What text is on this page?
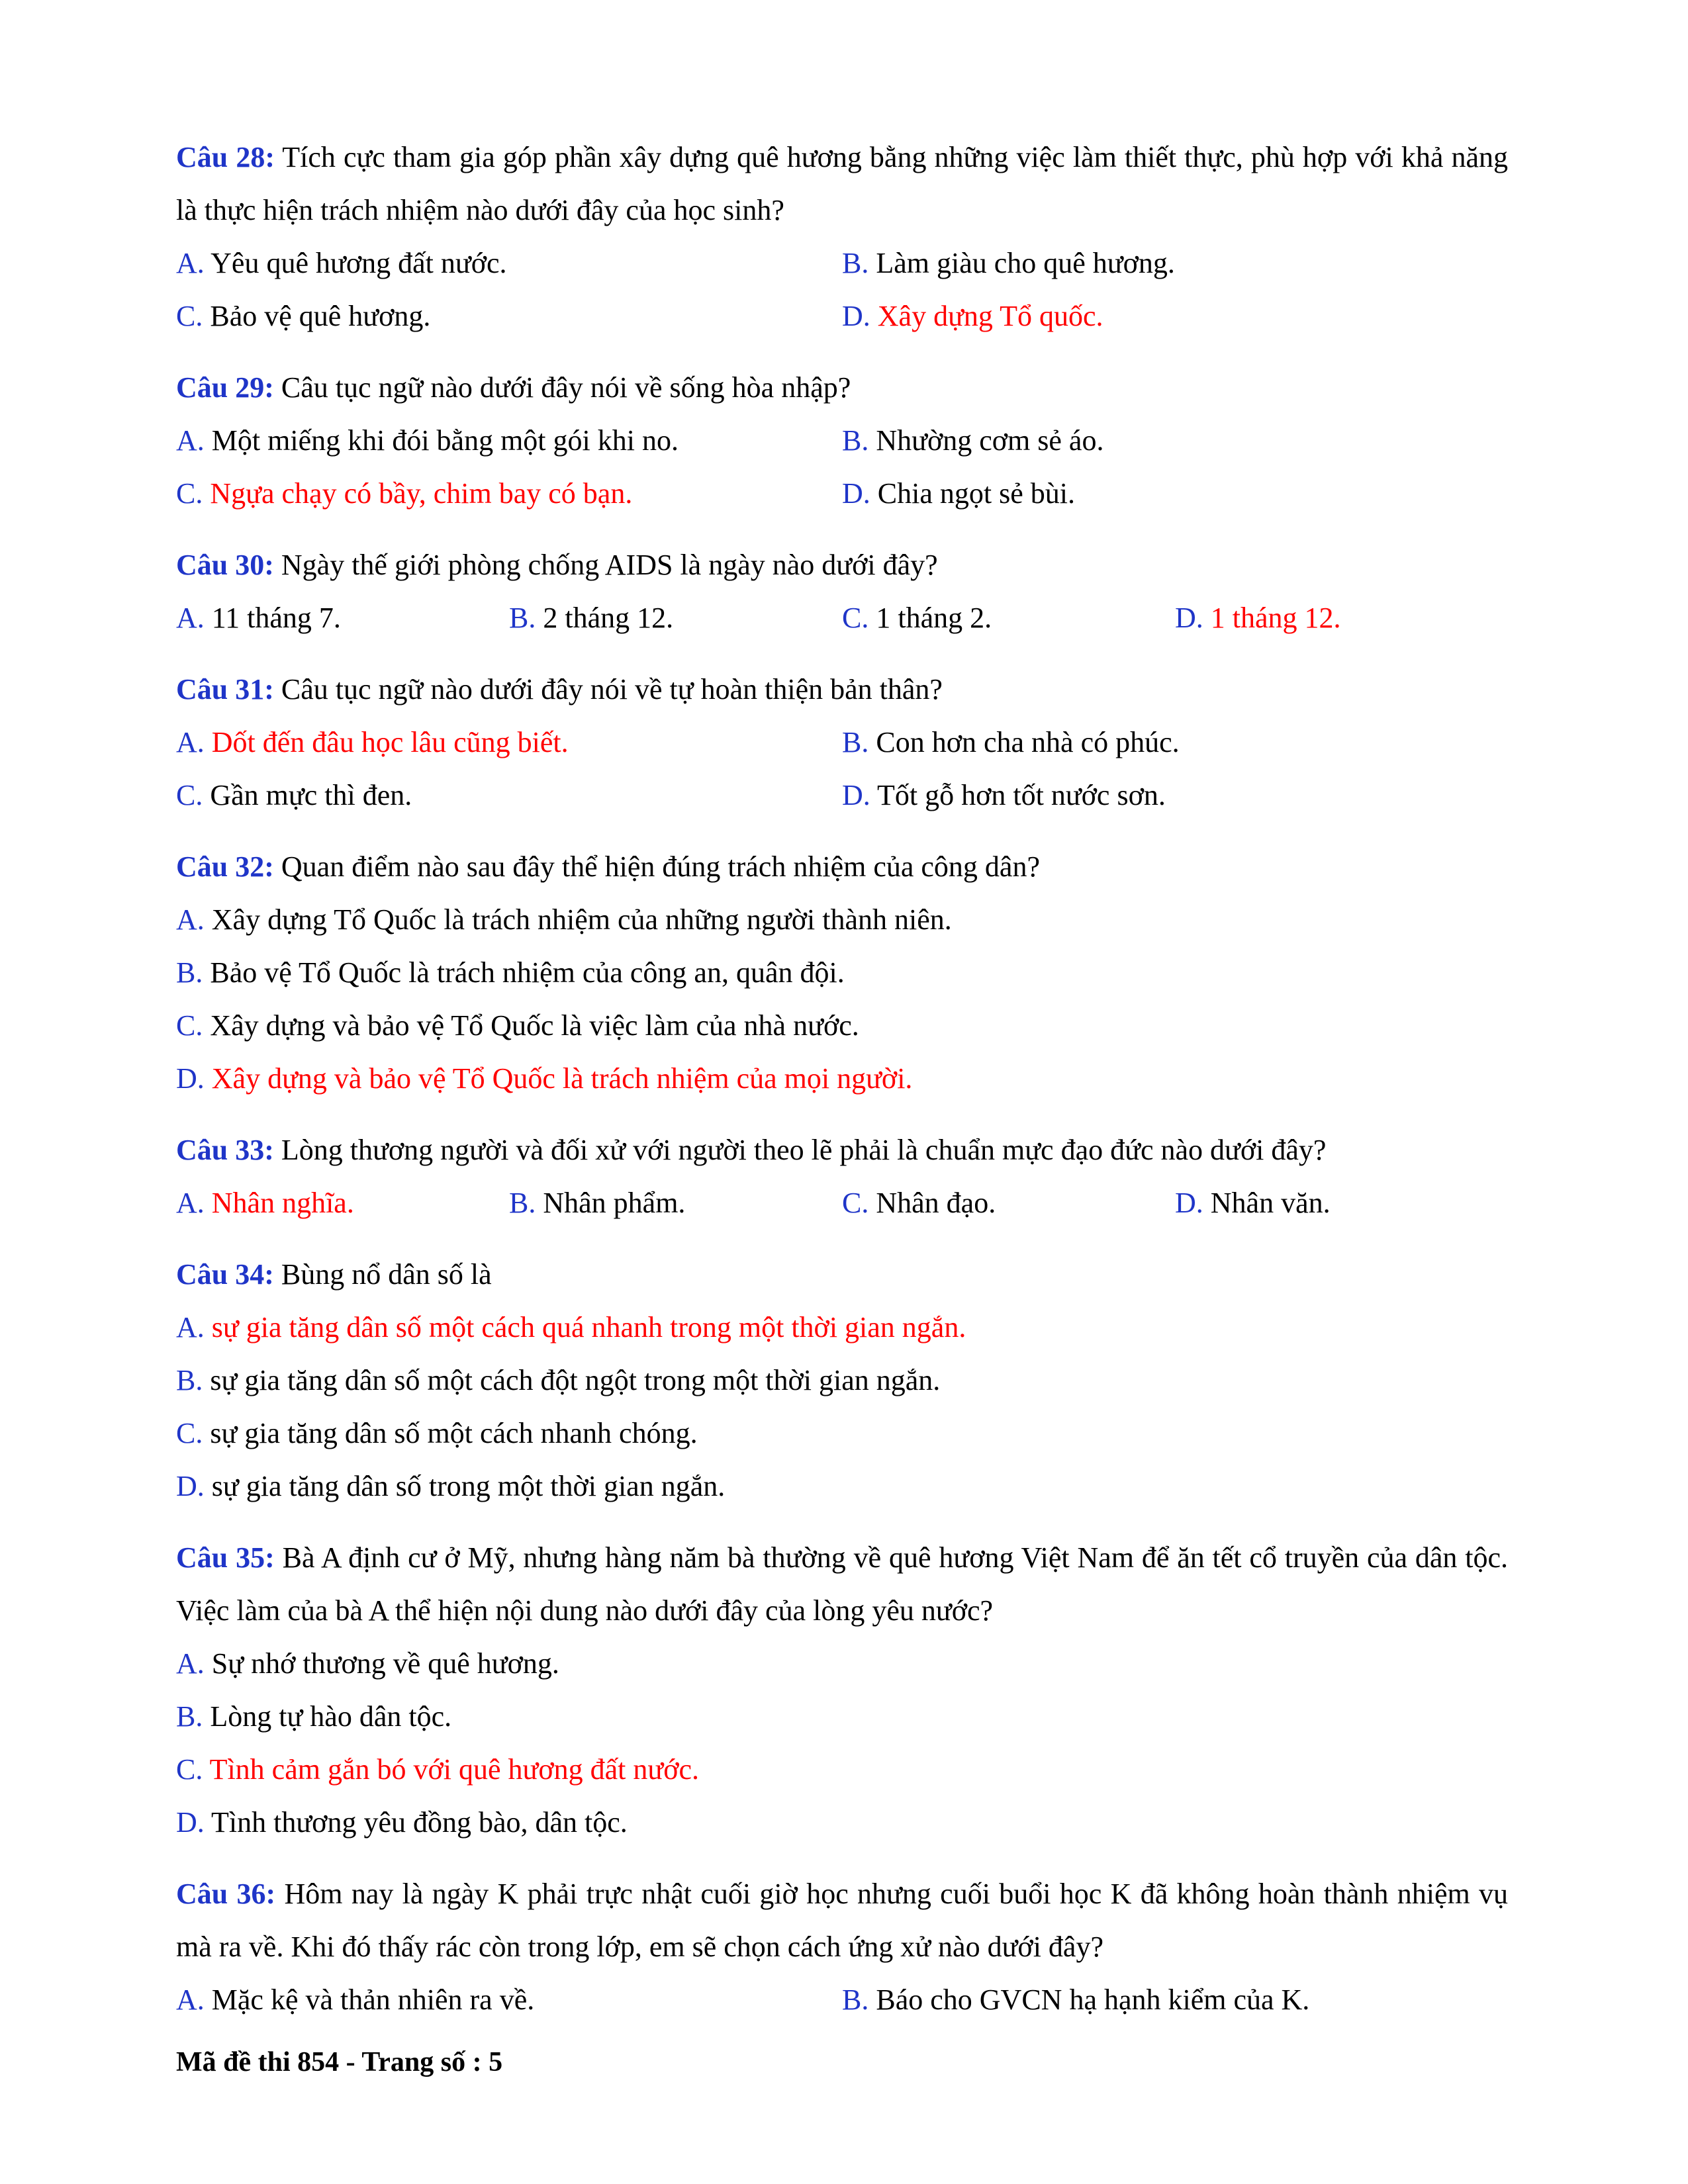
Câu 28: Tích cực tham gia góp phần xây dựng quê hương bằng những việc làm thiết thực, phù hợp với khả năng là thực hiện trách nhiệm nào dưới đây của học sinh?
A. Yêu quê hương đất nước.	B. Làm giàu cho quê hương.
C. Bảo vệ quê hương.	D. Xây dựng Tổ quốc.
Câu 29: Câu tục ngữ nào dưới đây nói về sống hòa nhập?
A. Một miếng khi đói bằng một gói khi no.	B. Nhường cơm sẻ áo.
C. Ngựa chạy có bầy, chim bay có bạn.	D. Chia ngọt sẻ bùi.
Câu 30: Ngày thế giới phòng chống AIDS là ngày nào dưới đây?
A. 11 tháng 7.	B. 2 tháng 12.	C. 1 tháng 2.	D. 1 tháng 12.
Câu 31: Câu tục ngữ nào dưới đây nói về tự hoàn thiện bản thân?
A. Dốt đến đâu học lâu cũng biết.	B. Con hơn cha nhà có phúc.
C. Gần mực thì đen.	D. Tốt gỗ hơn tốt nước sơn.
Câu 32: Quan điểm nào sau đây thể hiện đúng trách nhiệm của công dân?
A. Xây dựng Tổ Quốc là trách nhiệm của những người thành niên.
B. Bảo vệ Tổ Quốc là trách nhiệm của công an, quân đội.
C. Xây dựng và bảo vệ Tổ Quốc là việc làm của nhà nước.
D. Xây dựng và bảo vệ Tổ Quốc là trách nhiệm của mọi người.
Câu 33: Lòng thương người và đối xử với người theo lẽ phải là chuẩn mực đạo đức nào dưới đây?
A. Nhân nghĩa.	B. Nhân phẩm.	C. Nhân đạo.	D. Nhân văn.
Câu 34: Bùng nổ dân số là
A. sự gia tăng dân số một cách quá nhanh trong một thời gian ngắn.
B. sự gia tăng dân số một cách đột ngột trong một thời gian ngắn.
C. sự gia tăng dân số một cách nhanh chóng.
D. sự gia tăng dân số trong một thời gian ngắn.
Câu 35: Bà A định cư ở Mỹ, nhưng hàng năm bà thường về quê hương Việt Nam để ăn tết cổ truyền của dân tộc. Việc làm của bà A thể hiện nội dung nào dưới đây của lòng yêu nước?
A. Sự nhớ thương về quê hương.
B. Lòng tự hào dân tộc.
C. Tình cảm gắn bó với quê hương đất nước.
D. Tình thương yêu đồng bào, dân tộc.
Câu 36: Hôm nay là ngày K phải trực nhật cuối giờ học nhưng cuối buổi học K đã không hoàn thành nhiệm vụ mà ra về. Khi đó thấy rác còn trong lớp, em sẽ chọn cách ứng xử nào dưới đây?
A. Mặc kệ và thản nhiên ra về.	B. Báo cho GVCN hạ hạnh kiểm của K.
Mã đề thi 854 - Trang số : 5
